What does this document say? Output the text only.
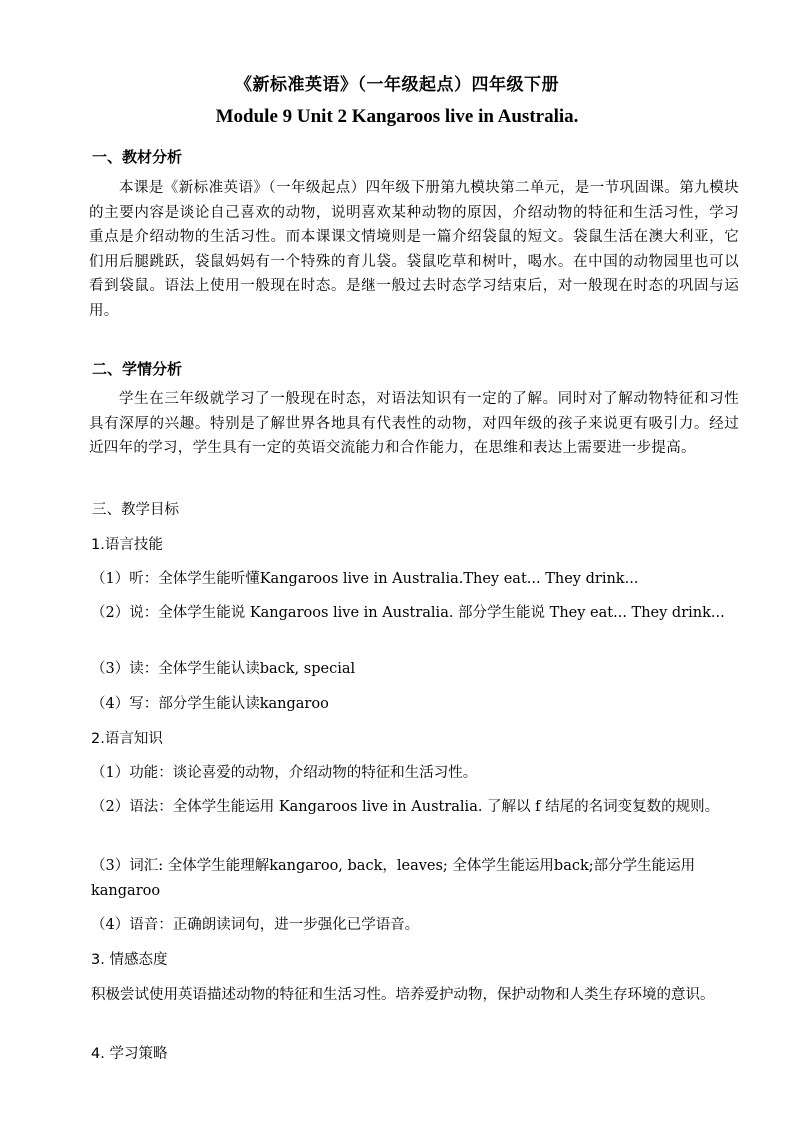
《新标准英语》（一年级起点）四年级下册
Module 9 Unit 2 Kangaroos live in Australia.
一、教材分析
本课是《新标准英语》（一年级起点）四年级下册第九模块第二单元，是一节巩固课。第九模块的主要内容是谈论自己喜欢的动物，说明喜欢某种动物的原因，介绍动物的特征和生活习性，学习重点是介绍动物的生活习性。而本课课文情境则是一篇介绍袋鼠的短文。袋鼠生活在澳大利亚，它们用后腿跳跃，袋鼠妈妈有一个特殊的育儿袋。袋鼠吃草和树叶，喝水。在中国的动物园里也可以看到袋鼠。语法上使用一般现在时态。是继一般过去时态学习结束后，对一般现在时态的巩固与运用。
二、学情分析
学生在三年级就学习了一般现在时态，对语法知识有一定的了解。同时对了解动物特征和习性具有深厚的兴趣。特别是了解世界各地具有代表性的动物，对四年级的孩子来说更有吸引力。经过近四年的学习，学生具有一定的英语交流能力和合作能力，在思维和表达上需要进一步提高。
三、教学目标
1.语言技能
（1）听：全体学生能听懂Kangaroos live in Australia.They eat... They drink...
（2）说：全体学生能说 Kangaroos live in Australia. 部分学生能说 They eat... They drink...
（3）读：全体学生能认读back, special
（4）写：部分学生能认读kangaroo
2.语言知识
（1）功能：谈论喜爱的动物，介绍动物的特征和生活习性。
（2）语法：全体学生能运用 Kangaroos live in Australia. 了解以 f 结尾的名词变复数的规则。
（3）词汇: 全体学生能理解kangaroo, back，leaves; 全体学生能运用back;部分学生能运用kangaroo
（4）语音：正确朗读词句，进一步强化已学语音。
3. 情感态度
积极尝试使用英语描述动物的特征和生活习性。培养爱护动物，保护动物和人类生存环境的意识。
4. 学习策略
